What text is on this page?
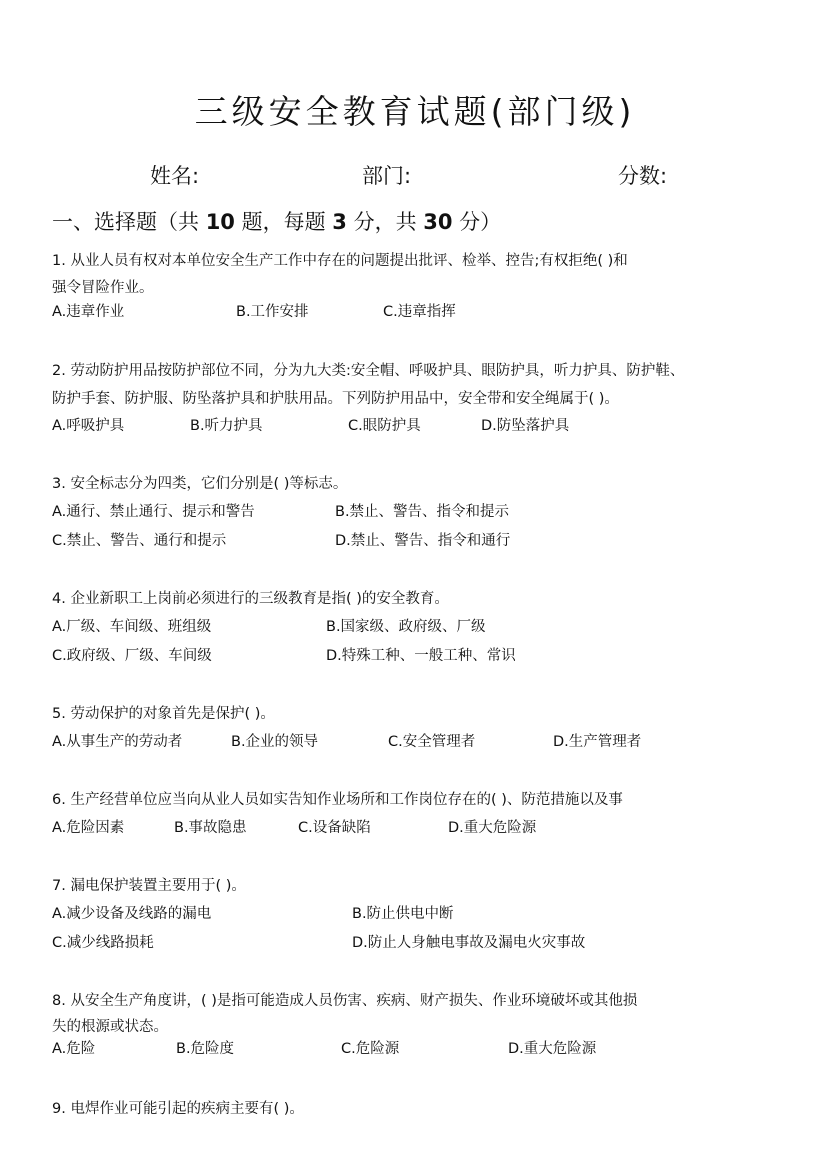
三级安全教育试题(部门级)
姓名:	部门:	分数:
一、选择题（共 10 题，每题 3 分，共 30 分）
1. 从业人员有权对本单位安全生产工作中存在的问题提出批评、检举、控告;有权拒绝( )和
强令冒险作业。
A.违章作业	B.工作安排	C.违章指挥
2. 劳动防护用品按防护部位不同，分为九大类:安全帽、呼吸护具、眼防护具，听力护具、防护鞋、
防护手套、防护服、防坠落护具和护肤用品。下列防护用品中，安全带和安全绳属于( )。
A.呼吸护具	B.听力护具	C.眼防护具	D.防坠落护具
3. 安全标志分为四类，它们分别是( )等标志。
A.通行、禁止通行、提示和警告	B.禁止、警告、指令和提示
C.禁止、警告、通行和提示	D.禁止、警告、指令和通行
4. 企业新职工上岗前必须进行的三级教育是指( )的安全教育。
A.厂级、车间级、班组级	B.国家级、政府级、厂级
C.政府级、厂级、车间级	D.特殊工种、一般工种、常识
5. 劳动保护的对象首先是保护( )。
A.从事生产的劳动者	B.企业的领导	C.安全管理者	D.生产管理者
6. 生产经营单位应当向从业人员如实告知作业场所和工作岗位存在的( )、防范措施以及事
A.危险因素	B.事故隐患	C.设备缺陷	D.重大危险源
7. 漏电保护装置主要用于( )。
A.减少设备及线路的漏电	B.防止供电中断
C.减少线路损耗	D.防止人身触电事故及漏电火灾事故
8. 从安全生产角度讲，( )是指可能造成人员伤害、疾病、财产损失、作业环境破坏或其他损
失的根源或状态。
A.危险	B.危险度	C.危险源	D.重大危险源
9. 电焊作业可能引起的疾病主要有( )。
